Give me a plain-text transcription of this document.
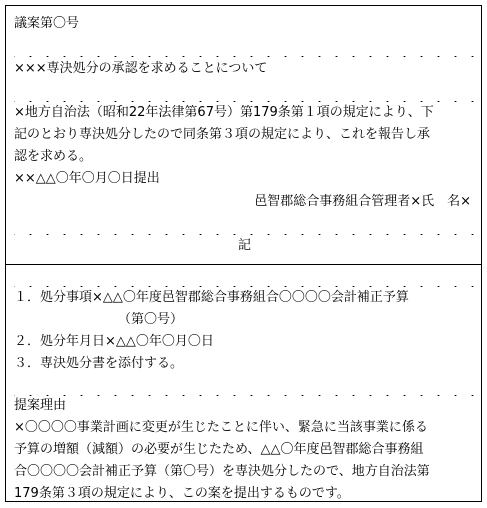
議案第〇号
×××専決処分の承認を求めることについて
×地方自治法（昭和22年法律第67号）第179条第１項の規定により、下
記のとおり専決処分したので同条第３項の規定により、これを報告し承
認を求める。
××△△〇年〇月〇日提出
邑智郡総合事務組合管理者×氏　名×
記
１．処分事項×△△〇年度邑智郡総合事務組合〇〇〇〇会計補正予算
（第〇号）
２．処分年月日×△△〇年〇月〇日
３．専決処分書を添付する。
提案理由
×〇〇〇〇事業計画に変更が生じたことに伴い、緊急に当該事業に係る
予算の増額（減額）の必要が生じたため、△△〇年度邑智郡総合事務組
合〇〇〇〇会計補正予算（第〇号）を専決処分したので、地方自治法第
179条第３項の規定により、この案を提出するものです。
